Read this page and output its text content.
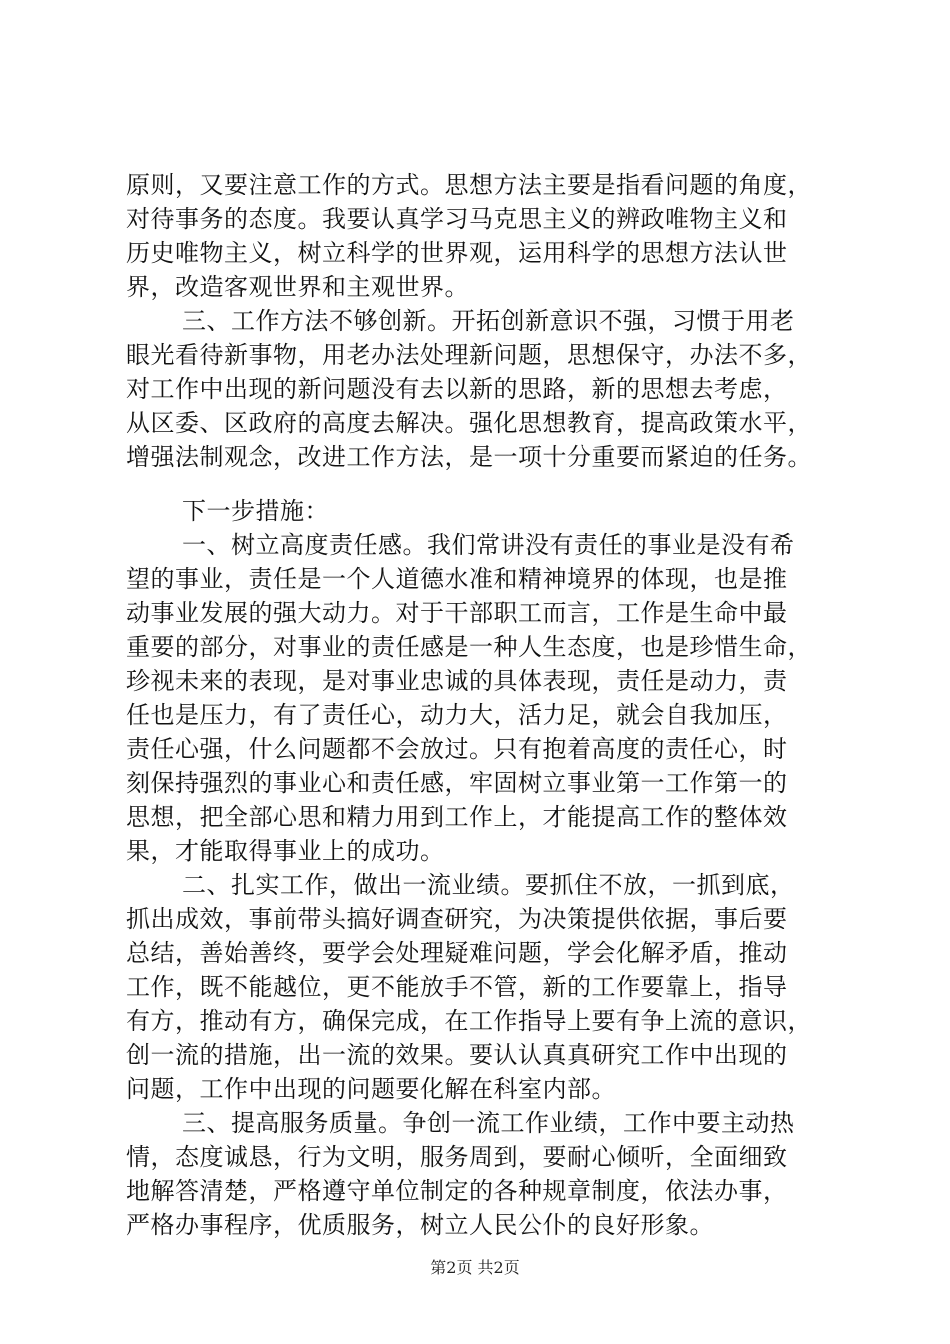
原则，又要注意工作的方式。思想方法主要是指看问题的角度，
对待事务的态度。我要认真学习马克思主义的辨政唯物主义和
历史唯物主义，树立科学的世界观，运用科学的思想方法认世
界，改造客观世界和主观世界。
三、工作方法不够创新。开拓创新意识不强，习惯于用老
眼光看待新事物，用老办法处理新问题，思想保守，办法不多，
对工作中出现的新问题没有去以新的思路，新的思想去考虑，
从区委、区政府的高度去解决。强化思想教育，提高政策水平，
增强法制观念，改进工作方法，是一项十分重要而紧迫的任务。
下一步措施：
一、树立高度责任感。我们常讲没有责任的事业是没有希
望的事业，责任是一个人道德水准和精神境界的体现，也是推
动事业发展的强大动力。对于干部职工而言，工作是生命中最
重要的部分，对事业的责任感是一种人生态度，也是珍惜生命，
珍视未来的表现，是对事业忠诚的具体表现，责任是动力，责
任也是压力，有了责任心，动力大，活力足，就会自我加压，
责任心强，什么问题都不会放过。只有抱着高度的责任心，时
刻保持强烈的事业心和责任感，牢固树立事业第一工作第一的
思想，把全部心思和精力用到工作上，才能提高工作的整体效
果，才能取得事业上的成功。
二、扎实工作，做出一流业绩。要抓住不放，一抓到底，
抓出成效，事前带头搞好调查研究，为决策提供依据，事后要
总结，善始善终，要学会处理疑难问题，学会化解矛盾，推动
工作，既不能越位，更不能放手不管，新的工作要靠上，指导
有方，推动有方，确保完成，在工作指导上要有争上流的意识，
创一流的措施，出一流的效果。要认认真真研究工作中出现的
问题，工作中出现的问题要化解在科室内部。
三、提高服务质量。争创一流工作业绩，工作中要主动热
情，态度诚恳，行为文明，服务周到，要耐心倾听，全面细致
地解答清楚，严格遵守单位制定的各种规章制度，依法办事，
严格办事程序，优质服务，树立人民公仆的良好形象。
第2页 共2页
